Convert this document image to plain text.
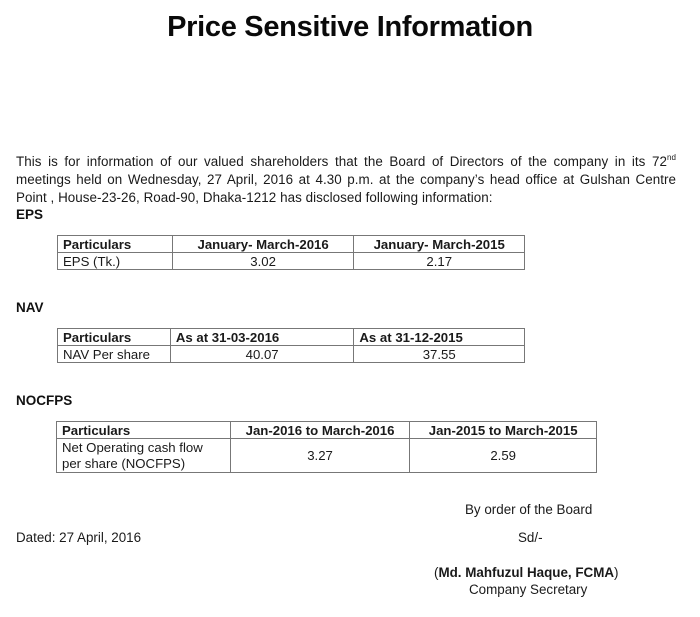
Price Sensitive Information

This is for information of our valued shareholders that the Board of Directors of the company in its 72nd meetings held on Wednesday, 27 April, 2016 at 4.30 p.m. at the company’s head office at Gulshan Centre Point , House-23-26, Road-90, Dhaka-1212 has disclosed following information:

EPS
Particulars	January- March-2016	January- March-2015
EPS (Tk.)	3.02	2.17
NAV
Particulars	As at 31-03-2016	As at 31-12-2015
NAV Per share	40.07	37.55
NOCFPS
Particulars	Jan-2016 to March-2016	Jan-2015 to March-2015

Net Operating cash flow
per share (NOCFPS)	3.27	2.59
By order of the Board
Dated: 27 April, 2016	Sd/-
(Md. Mahfuzul Haque, FCMA)
Company Secretary
